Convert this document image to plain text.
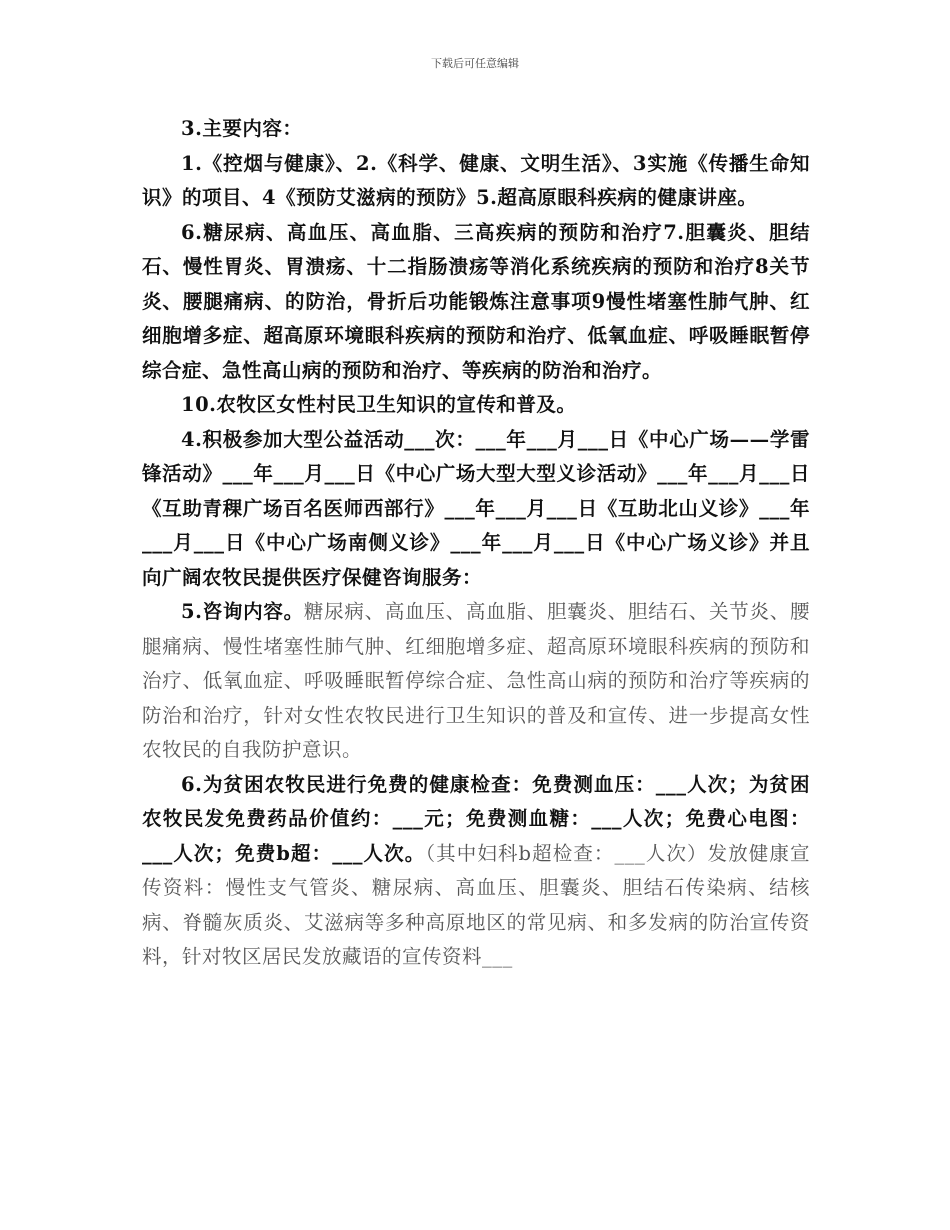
下载后可任意编辑

3.主要内容：

1.《控烟与健康》、2.《科学、健康、文明生活》、3实施《传播生命知识》的项目、4《预防艾滋病的预防》5.超高原眼科疾病的健康讲座。

6.糖尿病、高血压、高血脂、三高疾病的预防和治疗7.胆囊炎、胆结石、慢性胃炎、胃溃疡、十二指肠溃疡等消化系统疾病的预防和治疗8关节炎、腰腿痛病、的防治，骨折后功能锻炼注意事项9慢性堵塞性肺气肿、红细胞增多症、超高原环境眼科疾病的预防和治疗、低氧血症、呼吸睡眠暂停综合症、急性高山病的预防和治疗、等疾病的防治和治疗。

10.农牧区女性村民卫生知识的宣传和普及。

4.积极参加大型公益活动___次：___年___月___日《中心广场——学雷锋活动》___年___月___日《中心广场大型大型义诊活动》___年___月___日《互助青稞广场百名医师西部行》___年___月___日《互助北山义诊》___年___月___日《中心广场南侧义诊》___年___月___日《中心广场义诊》并且向广阔农牧民提供医疗保健咨询服务：

5.咨询内容。糖尿病、高血压、高血脂、胆囊炎、胆结石、关节炎、腰腿痛病、慢性堵塞性肺气肿、红细胞增多症、超高原环境眼科疾病的预防和治疗、低氧血症、呼吸睡眠暂停综合症、急性高山病的预防和治疗等疾病的防治和治疗，针对女性农牧民进行卫生知识的普及和宣传、进一步提高女性农牧民的自我防护意识。

6.为贫困农牧民进行免费的健康检查：免费测血压：___人次；为贫困农牧民发免费药品价值约：___元；免费测血糖：___人次；免费心电图：___人次；免费b超：___人次。（其中妇科b超检查：___人次）发放健康宣传资料：慢性支气管炎、糖尿病、高血压、胆囊炎、胆结石传染病、结核病、脊髓灰质炎、艾滋病等多种高原地区的常见病、和多发病的防治宣传资料，针对牧区居民发放藏语的宣传资料___
